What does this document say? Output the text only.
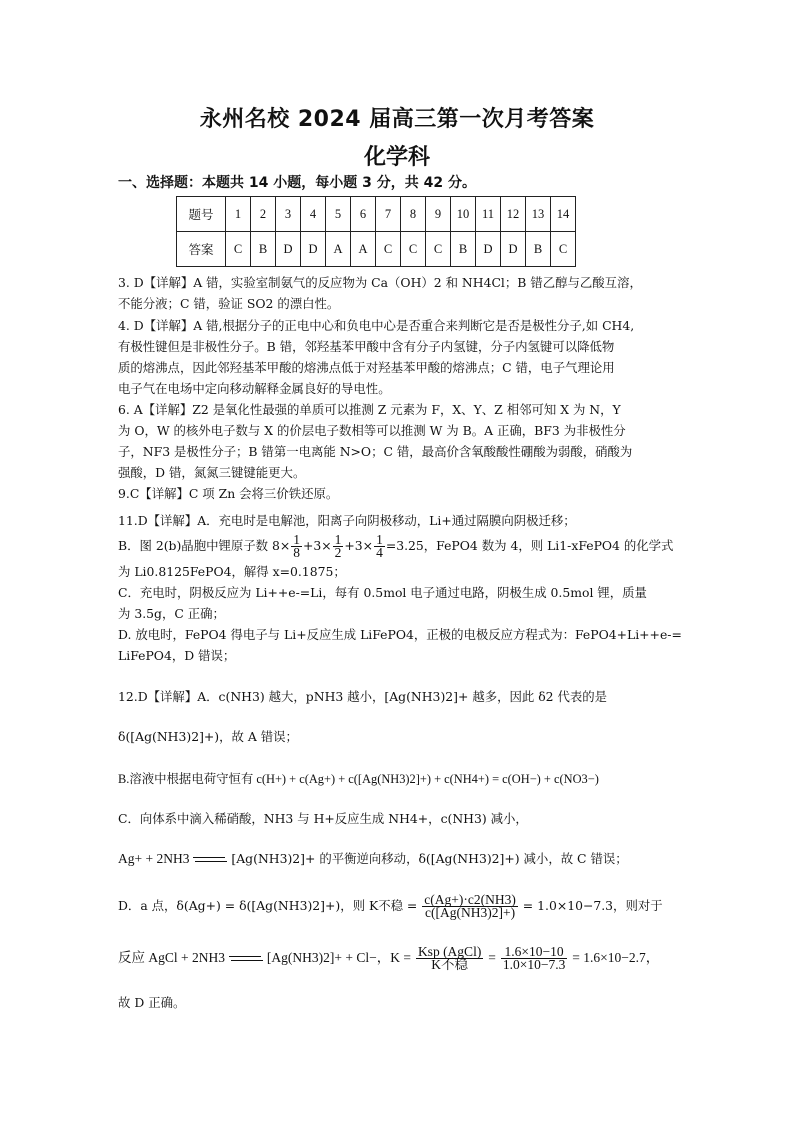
永州名校 2024 届高三第一次月考答案
化学科
一、选择题：本题共 14 小题，每小题 3 分，共 42 分。
题号	1	2	3	4	5	6	7	8	9	10	11	12	13	14
答案	C	B	D	D	A	A	C	C	C	B	D	D	B	C
3. D【详解】A 错，实验室制氨气的反应物为 Ca（OH）2 和 NH4Cl；B 错乙醇与乙酸互溶，
不能分液；C 错，验证 SO2 的漂白性。
4. D【详解】A 错,根据分子的正电中心和负电中心是否重合来判断它是否是极性分子,如 CH4,
有极性键但是非极性分子。B 错，邻羟基苯甲酸中含有分子内氢键，分子内氢键可以降低物
质的熔沸点，因此邻羟基苯甲酸的熔沸点低于对羟基苯甲酸的熔沸点；C 错，电子气理论用
电子气在电场中定向移动解释金属良好的导电性。
6. A【详解】Z2 是氧化性最强的单质可以推测 Z 元素为 F，X、Y、Z 相邻可知 X 为 N，Y
为 O，W 的核外电子数与 X 的价层电子数相等可以推测 W 为 B。A 正确，BF3 为非极性分
子，NF3 是极性分子；B 错第一电离能 N>O；C 错，最高价含氧酸酸性硼酸为弱酸，硝酸为
强酸，D 错，氮氮三键键能更大。
9.C【详解】C 项 Zn 会将三价铁还原。
11.D【详解】A．充电时是电解池，阳离子向阴极移动，Li+通过隔膜向阴极迁移；
B．图 2(b)晶胞中锂原子数 $8\times \frac{1}{8} +3\times \frac{1}{2} +3\times \frac{1}{4} =3.25$，FePO4 数为 4，则 Li1-xFePO4 的化学式
为 Li0.8125FePO4，解得 x=0.1875；
C．充电时，阴极反应为 Li++e-=Li，每有 0.5mol 电子通过电路，阴极生成 0.5mol 锂，质量
为 3.5g，C 正确；
D. 放电时，FePO4 得电子与 Li+反应生成 LiFePO4，正极的电极反应方程式为：FePO4+Li++e-=
LiFePO4，D 错误；
12.D【详解】A．c(NH3) 越大，pNH3 越小，[Ag(NH3)2]+ 越多，因此 δ2 代表的是
δ([Ag(NH3)2]+)，故 A 错误；
B.溶液中根据电荷守恒有 c(H+) + c(Ag+) + c([Ag(NH3)2]+) + c(NH4+) = c(OH−) + c(NO3−)
C．向体系中滴入稀硝酸，NH3 与 H+反应生成 NH4+，c(NH3) 减小，
Ag+ + 2NH3	[Ag(NH3)2]+ 的平衡逆向移动，δ([Ag(NH3)2]+) 减小，故 C 错误；
D．a 点，δ(Ag+) = δ([Ag(NH3)2]+)，则 K不稳 = $\frac{c(Ag+)\cdot c2(NH3)}{c([Ag(NH3)2]+)} = 1.0\times 10-7.3$，则对于
反应 AgCl + 2NH3	[Ag(NH3)2]+ + Cl−，$K = \frac{\text{Ksp (AgCl)}}{\text{K不稳}} = \frac{1.6\times 10-10}{1.0\times 10-7.3} = 1.6\times 10-2.7$，
故 D 正确。
